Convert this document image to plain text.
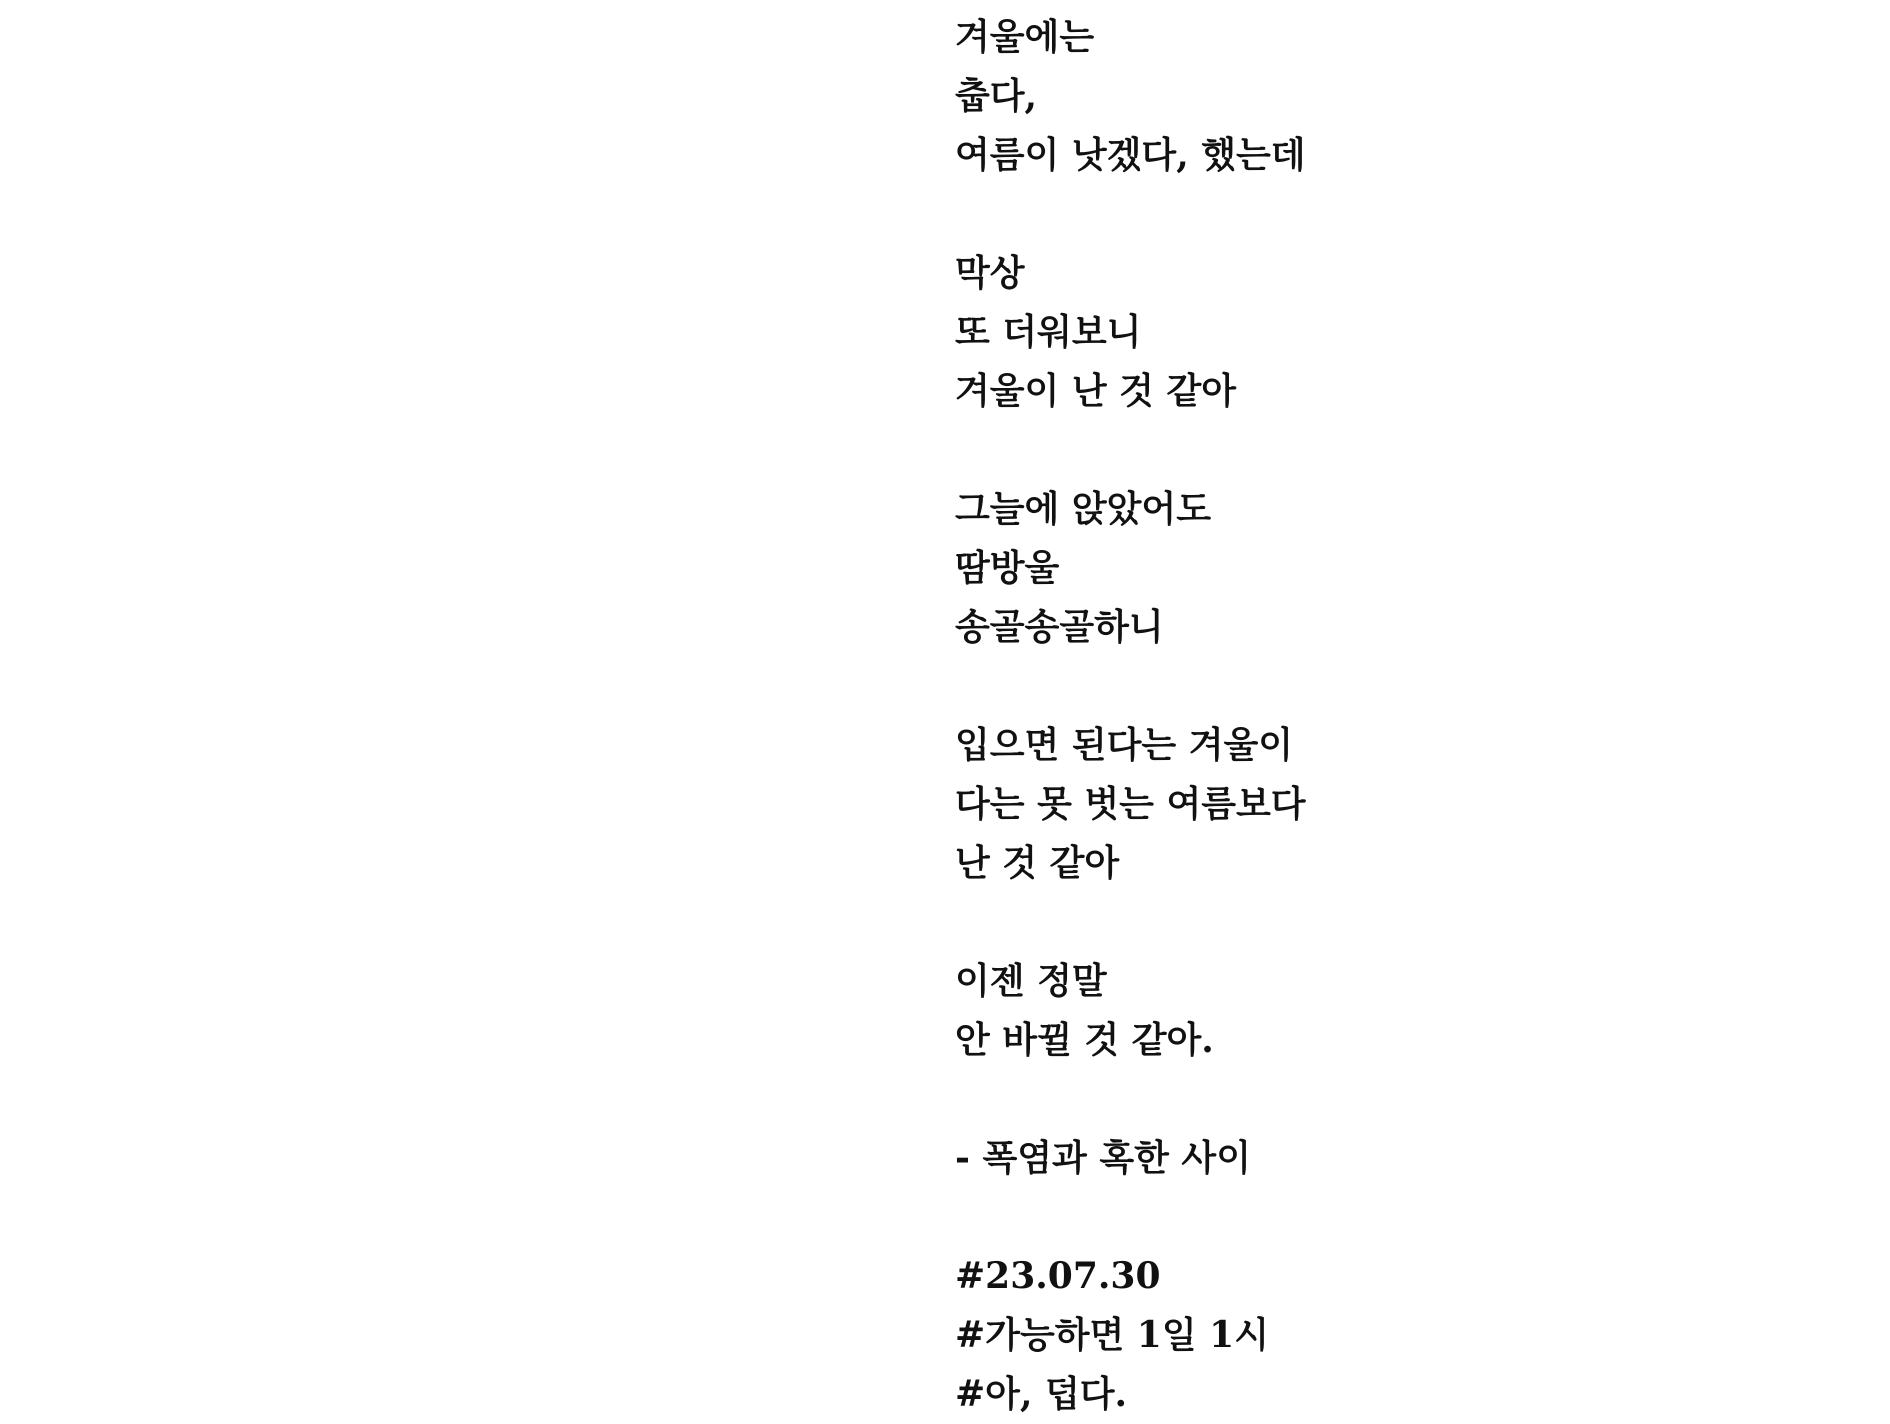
겨울에는
춥다,
여름이 낫겠다, 했는데
막상
또 더워보니
겨울이 난 것 같아
그늘에 앉았어도
땀방울
송골송골하니
입으면 된다는 겨울이
다는 못 벗는 여름보다
난 것 같아
이젠 정말
안 바뀔 것 같아.
- 폭염과 혹한 사이
#23.07.30
#가능하면 1일 1시
#아, 덥다.
